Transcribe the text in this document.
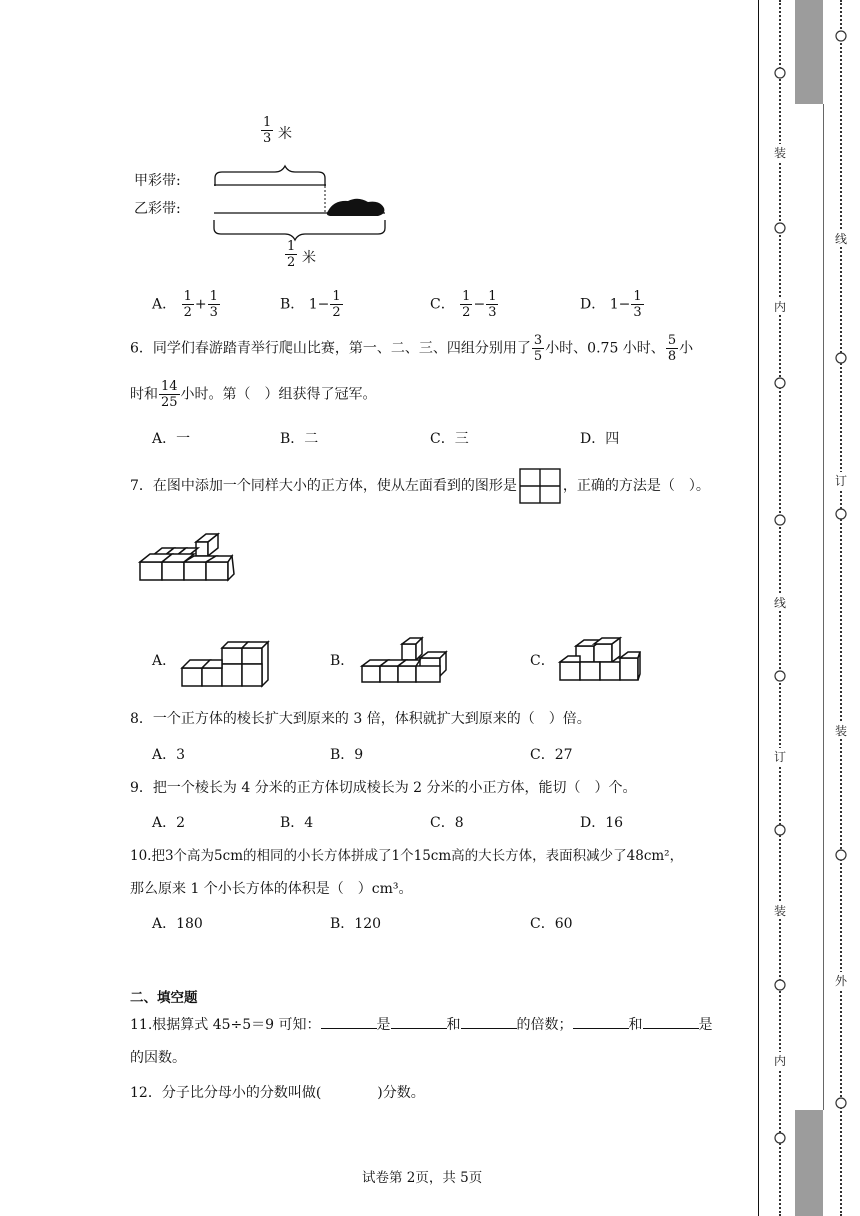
$\frac{1}{3}$ 米
甲彩带:
乙彩带:
$\frac{1}{2}$ 米
A． $\frac{1}{2} + \frac{1}{3}$	B． $1- \frac{1}{2}$	C． $\frac{1}{2} - \frac{1}{3}$	D． $1- \frac{1}{3}$
6．同学们春游踏青举行爬山比赛，第一、二、三、四组分别用了 $\frac{3}{5}$ 小时、0.75 小时、 $\frac{5}{8}$ 小
时和 $\frac{14}{25}$ 小时。第（　）组获得了冠军。
A．一	B．二	C．三	D．四
7．在图中添加一个同样大小的正方体，使从左面看到的图形是	，正确的方法是（　）。
A．	B．	C．
8．一个正方体的棱长扩大到原来的 3 倍，体积就扩大到原来的（　）倍。
A．3	B．9	C．27
9．把一个棱长为 4 分米的正方体切成棱长为 2 分米的小正方体，能切（　）个。
A．2	B．4	C．8	D．16
10.把3个高为5cm的相同的小长方体拼成了1个15cm高的大长方体，表面积减少了48cm²，
那么原来 1 个小长方体的体积是（　）cm³。
A．180	B．120	C．60
二、填空题
11.根据算式 45÷5＝9 可知：	是	和	的倍数；	和	是
的因数。
12．分子比分母小的分数叫做(　　　　)分数。
试卷第 2页，共 5页
装
内
线
订
装
内
线
订
装
外
